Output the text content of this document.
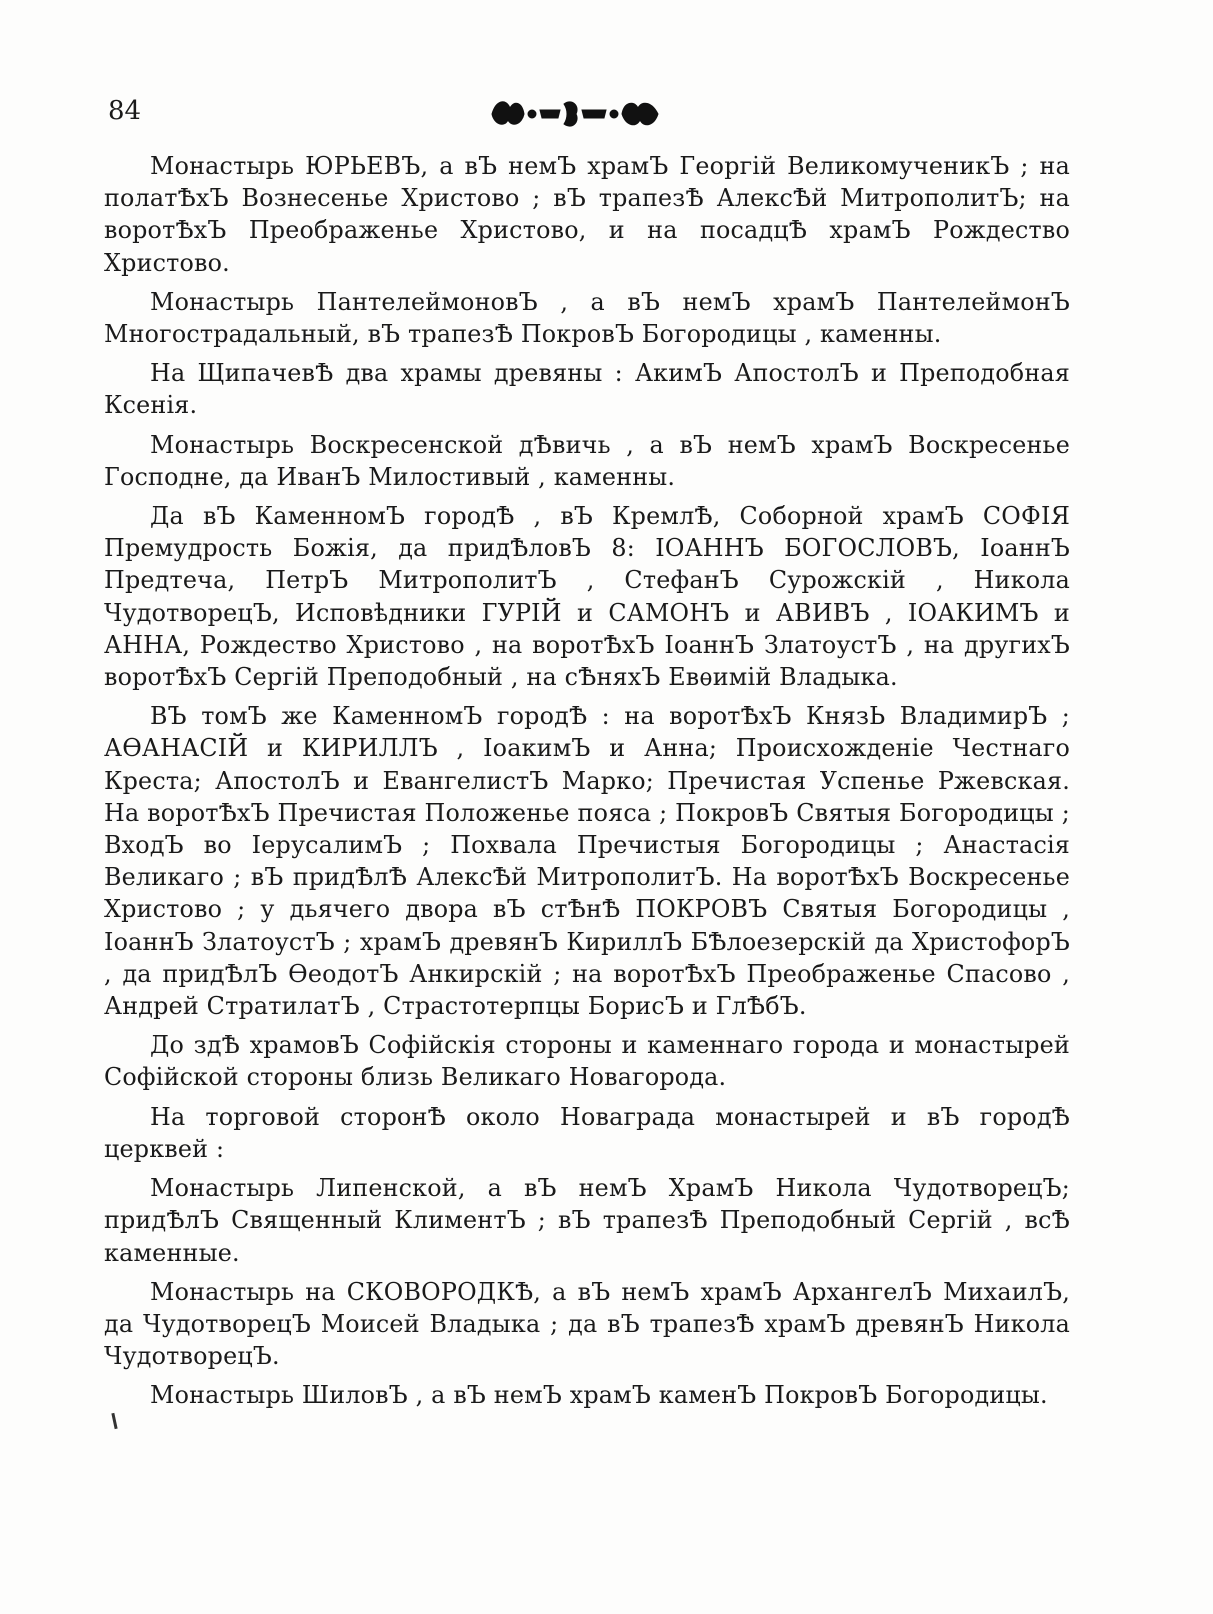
84

Монастырь ЮРЬЕВЪ, а вЪ немЪ храмЪ Георгій ВеликомученикЪ ; на полатѢхЪ Вознесенье Христово ; вЪ трапезѢ АлексѢй МитрополитЪ; на воротѢхЪ Преображенье Христово, и на посадцѢ храмЪ Рождество Христово.

Монастырь ПантелеймоновЪ , а вЪ немЪ храмЪ ПантелеймонЪ Многострадальный, вЪ трапезѢ ПокровЪ Богородицы , каменны.

На ЩипачевѢ два храмы древяны : АкимЪ АпостолЪ и Преподобная Ксенія.

Монастырь Воскресенской дѢвичь , а вЪ немЪ храмЪ Воскресенье Господне, да ИванЪ Милостивый , каменны.

Да вЪ КаменномЪ городѢ , вЪ КремлѢ, Соборной храмЪ СОФІЯ Премудрость Божія, да придѢловЪ 8: ІОАННЪ БОГОСЛОВЪ, ІоаннЪ Предтеча, ПетрЪ МитрополитЪ , СтефанЪ Сурожскій , Никола ЧудотворецЪ, Исповѣдники ГУРІЙ и САМОНЪ и АВИВЪ , ІОАКИМЪ и АННА, Рождество Христово , на воротѢхЪ ІоаннЪ ЗлатоустЪ , на другихЪ воротѢхЪ Сергій Преподобный , на сѢняхЪ Евѳимій Владыка.

ВЪ томЪ же КаменномЪ городѢ : на воротѢхЪ КнязЬ ВладимирЪ ; АѲАНАСІЙ и КИРИЛЛЪ , ІоакимЪ и Анна; Происхожденіе Честнаго Креста; АпостолЪ и ЕвангелистЪ Марко; Пречистая Успенье Ржевская. На воротѢхЪ Пречистая Положенье пояса ; ПокровЪ Святыя Богородицы ; ВходЪ во ІерусалимЪ ; Похвала Пречистыя Богородицы ; Анастасія Великаго ; вЪ придѢлѢ АлексѢй МитрополитЪ. На воротѢхЪ Воскресенье Христово ; у дьячего двора вЪ стѢнѢ ПОКРОВЪ Святыя Богородицы , ІоаннЪ ЗлатоустЪ ; храмЪ древянЪ КириллЪ БѢлоезерскій да ХристофорЪ , да придѢлЪ ѲеодотЪ Анкирскій ; на воротѢхЪ Преображенье Спасово , Андрей СтратилатЪ , Страстотерпцы БорисЪ и ГлѢбЪ.

До здѢ храмовЪ Софійскія стороны и каменнаго города и монастырей Софійской стороны близь Великаго Новагорода.

На торговой сторонѢ около Новаграда монастырей и вЪ городѢ церквей :

Монастырь Липенской, а вЪ немЪ ХрамЪ Никола ЧудотворецЪ; придѢлЪ Священный КлиментЪ ; вЪ трапезѢ Преподобный Сергій , всѢ каменные.

Монастырь на СКОВОРОДКѢ, а вЪ немЪ храмЪ АрхангелЪ МихаилЪ, да ЧудотворецЪ Моисей Владыка ; да вЪ трапезѢ храмЪ древянЪ Никола ЧудотворецЪ.

Монастырь ШиловЪ , а вЪ немЪ храмЪ каменЪ ПокровЪ Богородицы.
